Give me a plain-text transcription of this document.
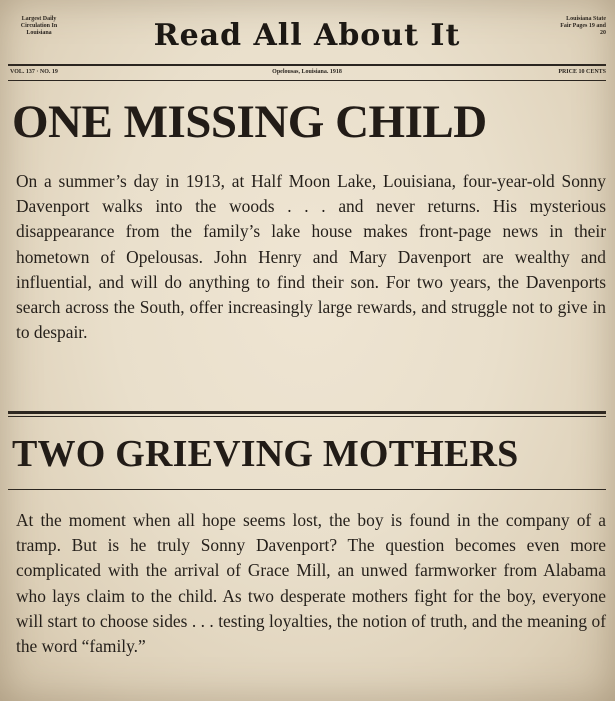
Largest Daily Circulation In Louisiana	Read All About It	Louisiana State Fair Pages 19 and 20
VOL. 137 · NO. 19	Opelousas, Louisiana. 1918	PRICE 10 CENTS
ONE MISSING CHILD
On a summer’s day in 1913, at Half Moon Lake, Louisiana, four-year-old Sonny Davenport walks into the woods . . . and never returns. His mysterious disappearance from the family’s lake house makes front-page news in their hometown of Opelousas. John Henry and Mary Davenport are wealthy and influential, and will do anything to find their son. For two years, the Davenports search across the South, offer increasingly large rewards, and struggle not to give in to despair.
TWO GRIEVING MOTHERS
At the moment when all hope seems lost, the boy is found in the company of a tramp. But is he truly Sonny Davenport? The question becomes even more complicated with the arrival of Grace Mill, an unwed farmworker from Alabama who lays claim to the child. As two desperate mothers fight for the boy, everyone will start to choose sides . . . testing loyalties, the notion of truth, and the meaning of the word “family.”
